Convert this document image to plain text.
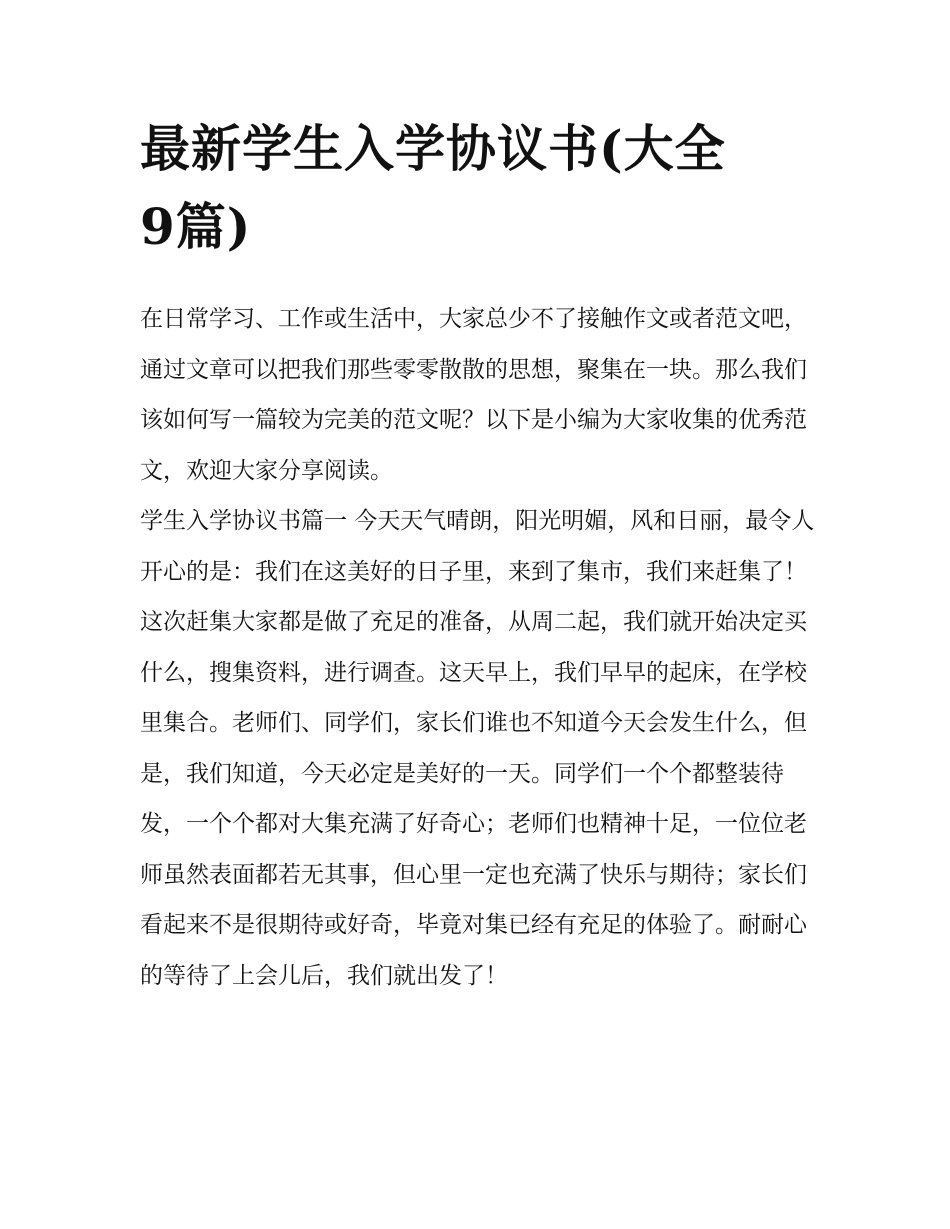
最新学生入学协议书(大全9篇)

在日常学习、工作或生活中，大家总少不了接触作文或者范文吧，通过文章可以把我们那些零零散散的思想，聚集在一块。那么我们该如何写一篇较为完美的范文呢？以下是小编为大家收集的优秀范文，欢迎大家分享阅读。

学生入学协议书篇一 今天天气晴朗，阳光明媚，风和日丽，最令人开心的是：我们在这美好的日子里，来到了集市，我们来赶集了！

这次赶集大家都是做了充足的准备，从周二起，我们就开始决定买什么，搜集资料，进行调查。这天早上，我们早早的起床，在学校里集合。老师们、同学们，家长们谁也不知道今天会发生什么，但是，我们知道，今天必定是美好的一天。同学们一个个都整装待发，一个个都对大集充满了好奇心；老师们也精神十足，一位位老师虽然表面都若无其事，但心里一定也充满了快乐与期待；家长们看起来不是很期待或好奇，毕竟对集已经有充足的体验了。耐耐心的等待了上会儿后，我们就出发了！
